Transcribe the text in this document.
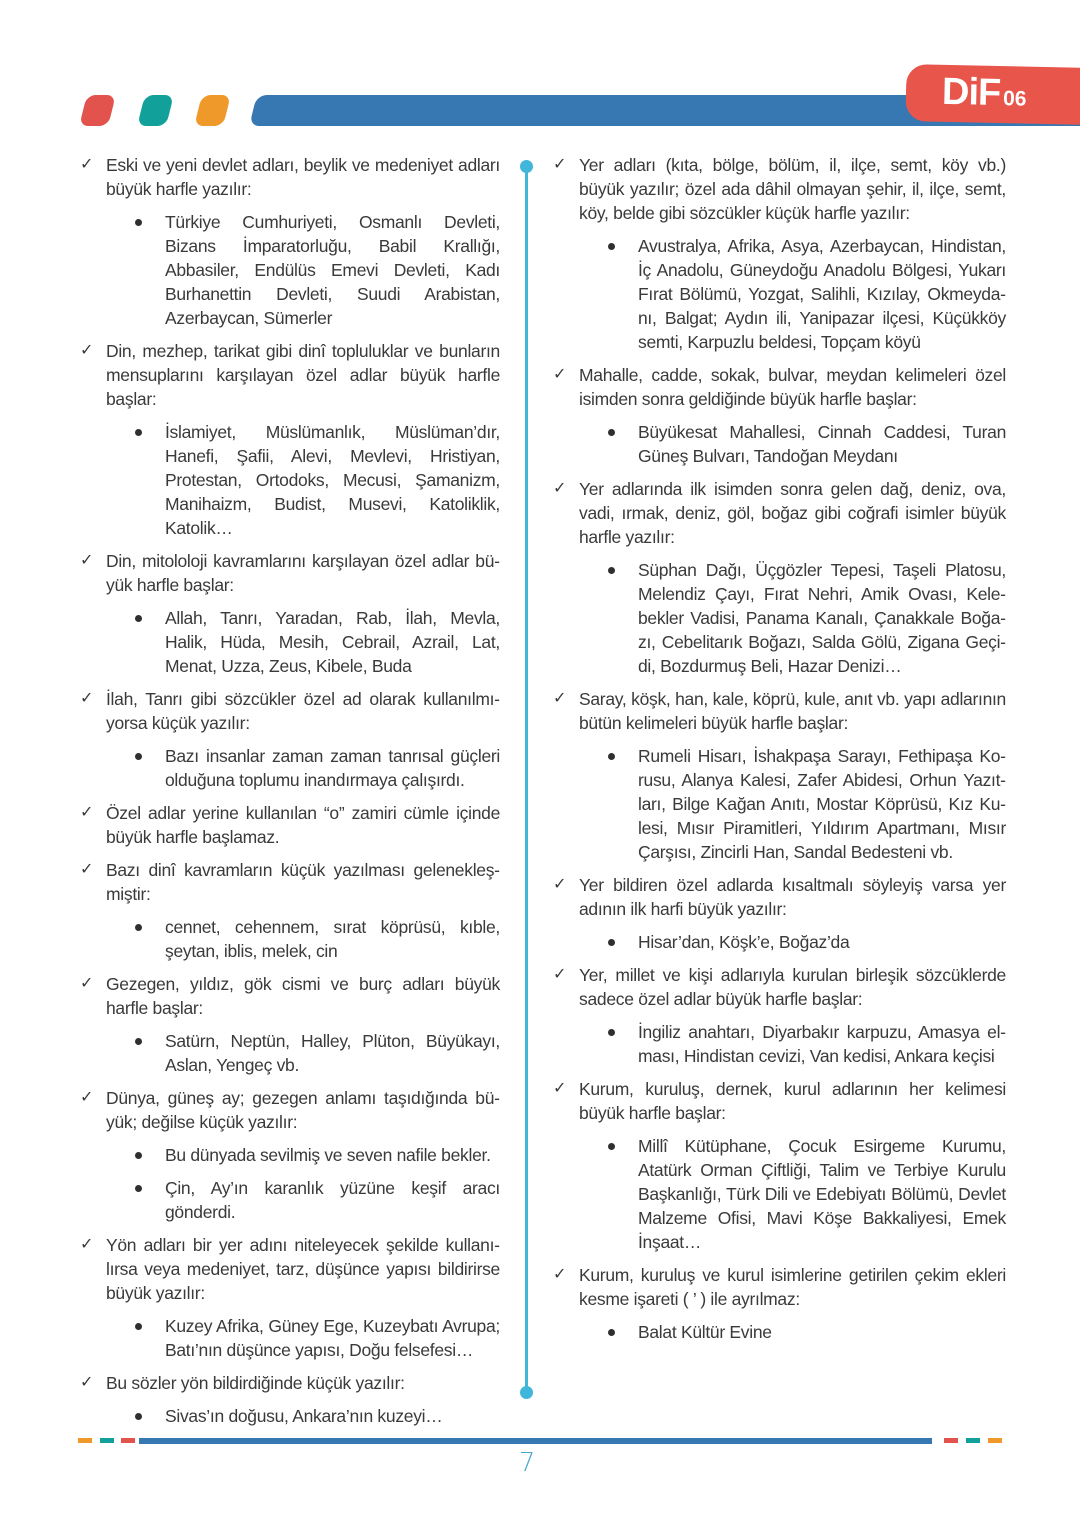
DiF 06
✓ Eski ve yeni devlet adları, beylik ve medeniyet adları büyük harfle yazılır:
Türkiye Cumhuriyeti, Osmanlı Devleti, Bizans İmparatorluğu, Babil Krallığı, Abbasiler, Endülüs Emevi Devleti, Kadı Burhanettin Devleti, Suudi Arabistan, Azerbaycan, Sümerler
✓ Din, mezhep, tarikat gibi dinî topluluklar ve bunların mensuplarını karşılayan özel adlar büyük harfle başlar:
İslamiyet, Müslümanlık, Müslüman’dır, Hanefi, Şafii, Alevi, Mevlevi, Hristiyan, Protestan, Ortodoks, Mecusi, Şamanizm, Manihaizm, Budist, Musevi, Katoliklik, Katolik…
✓ Din, mitololoji kavramlarını karşılayan özel adlar büyük harfle başlar:
Allah, Tanrı, Yaradan, Rab, İlah, Mevla, Halik, Hüda, Mesih, Cebrail, Azrail, Lat, Menat, Uzza, Zeus, Kibele, Buda
✓ İlah, Tanrı gibi sözcükler özel ad olarak kullanılmıyorsa küçük yazılır:
Bazı insanlar zaman zaman tanrısal güçleri olduğuna toplumu inandırmaya çalışırdı.
✓ Özel adlar yerine kullanılan “o” zamiri cümle içinde büyük harfle başlamaz.
✓ Bazı dinî kavramların küçük yazılması gelenekleşmiştir:
cennet, cehennem, sırat köprüsü, kıble, şeytan, iblis, melek, cin
✓ Gezegen, yıldız, gök cismi ve burç adları büyük harfle başlar:
Satürn, Neptün, Halley, Plüton, Büyükayı, Aslan, Yengeç vb.
✓ Dünya, güneş ay; gezegen anlamı taşıdığında büyük; değilse küçük yazılır:
Bu dünyada sevilmiş ve seven nafile bekler.
Çin, Ay’ın karanlık yüzüne keşif aracı gönderdi.
✓ Yön adları bir yer adını niteleyecek şekilde kullanılırsa veya medeniyet, tarz, düşünce yapısı bildirirse büyük yazılır:
Kuzey Afrika, Güney Ege, Kuzeybatı Avrupa; Batı’nın düşünce yapısı, Doğu felsefesi…
✓ Bu sözler yön bildirdiğinde küçük yazılır:
Sivas’ın doğusu, Ankara’nın kuzeyi…
✓ Yer adları (kıta, bölge, bölüm, il, ilçe, semt, köy vb.) büyük yazılır; özel ada dâhil olmayan şehir, il, ilçe, semt, köy, belde gibi sözcükler küçük harfle yazılır:
Avustralya, Afrika, Asya, Azerbaycan, Hindistan, İç Anadolu, Güneydoğu Anadolu Bölgesi, Yukarı Fırat Bölümü, Yozgat, Salihli, Kızılay, Okmeydanı, Balgat; Aydın ili, Yanipazar ilçesi, Küçükköy semti, Karpuzlu beldesi, Topçam köyü
✓ Mahalle, cadde, sokak, bulvar, meydan kelimeleri özel isimden sonra geldiğinde büyük harfle başlar:
Büyükesat Mahallesi, Cinnah Caddesi, Turan Güneş Bulvarı, Tandoğan Meydanı
✓ Yer adlarında ilk isimden sonra gelen dağ, deniz, ova, vadi, ırmak, deniz, göl, boğaz gibi coğrafi isimler büyük harfle yazılır:
Süphan Dağı, Üçgözler Tepesi, Taşeli Platosu, Melendiz Çayı, Fırat Nehri, Amik Ovası, Kelebekler Vadisi, Panama Kanalı, Çanakkale Boğazı, Cebelitarık Boğazı, Salda Gölü, Zigana Geçidi, Bozdurmuş Beli, Hazar Denizi…
✓ Saray, köşk, han, kale, köprü, kule, anıt vb. yapı adlarının bütün kelimeleri büyük harfle başlar:
Rumeli Hisarı, İshakpaşa Sarayı, Fethipaşa Korusu, Alanya Kalesi, Zafer Abidesi, Orhun Yazıtları, Bilge Kağan Anıtı, Mostar Köprüsü, Kız Kulesi, Mısır Piramitleri, Yıldırım Apartmanı, Mısır Çarşısı, Zincirli Han, Sandal Bedesteni vb.
✓ Yer bildiren özel adlarda kısaltmalı söyleyiş varsa yer adının ilk harfi büyük yazılır:
Hisar’dan, Köşk’e, Boğaz’da
✓ Yer, millet ve kişi adlarıyla kurulan birleşik sözcüklerde sadece özel adlar büyük harfle başlar:
İngiliz anahtarı, Diyarbakır karpuzu, Amasya elması, Hindistan cevizi, Van kedisi, Ankara keçisi
✓ Kurum, kuruluş, dernek, kurul adlarının her kelimesi büyük harfle başlar:
Millî Kütüphane, Çocuk Esirgeme Kurumu, Atatürk Orman Çiftliği, Talim ve Terbiye Kurulu Başkanlığı, Türk Dili ve Edebiyatı Bölümü, Devlet Malzeme Ofisi, Mavi Köşe Bakkaliyesi, Emek İnşaat…
✓ Kurum, kuruluş ve kurul isimlerine getirilen çekim ekleri kesme işareti ( ’ ) ile ayrılmaz:
Balat Kültür Evine
7
